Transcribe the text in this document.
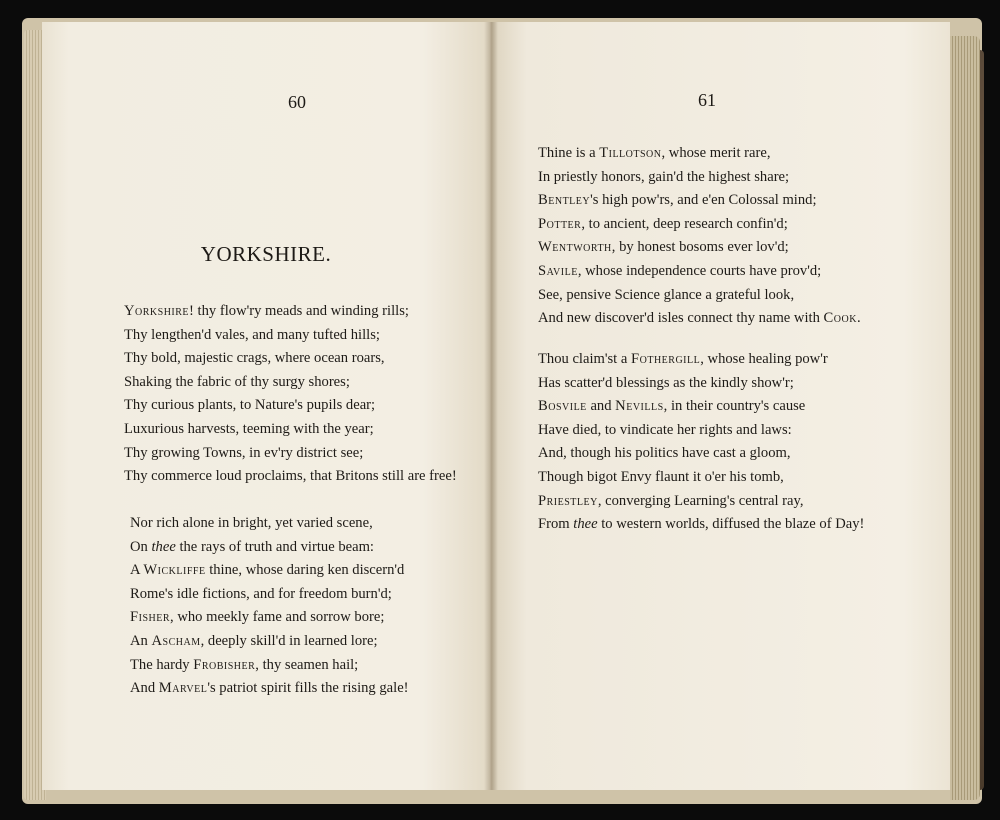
60
YORKSHIRE.
Yorkshire! thy flow'ry meads and winding rills;
Thy lengthen'd vales, and many tufted hills;
Thy bold, majestic crags, where ocean roars,
Shaking the fabric of thy surgy shores;
Thy curious plants, to Nature's pupils dear;
Luxurious harvests, teeming with the year;
Thy growing Towns, in ev'ry district see;
Thy commerce loud proclaims, that Britons still are free!
Nor rich alone in bright, yet varied scene,
On thee the rays of truth and virtue beam:
A Wickliffe thine, whose daring ken discern'd
Rome's idle fictions, and for freedom burn'd;
Fisher, who meekly fame and sorrow bore;
An Ascham, deeply skill'd in learned lore;
The hardy Frobisher, thy seamen hail;
And Marvel's patriot spirit fills the rising gale!
61
Thine is a Tillotson, whose merit rare,
In priestly honors, gain'd the highest share;
Bentley's high pow'rs, and e'en Colossal mind;
Potter, to ancient, deep research confin'd;
Wentworth, by honest bosoms ever lov'd;
Savile, whose independence courts have prov'd;
See, pensive Science glance a grateful look,
And new discover'd isles connect thy name with Cook.
Thou claim'st a Fothergill, whose healing pow'r
Has scatter'd blessings as the kindly show'r;
Bosvile and Nevills, in their country's cause
Have died, to vindicate her rights and laws:
And, though his politics have cast a gloom,
Though bigot Envy flaunt it o'er his tomb,
Priestley, converging Learning's central ray,
From thee to western worlds, diffused the blaze of Day!
